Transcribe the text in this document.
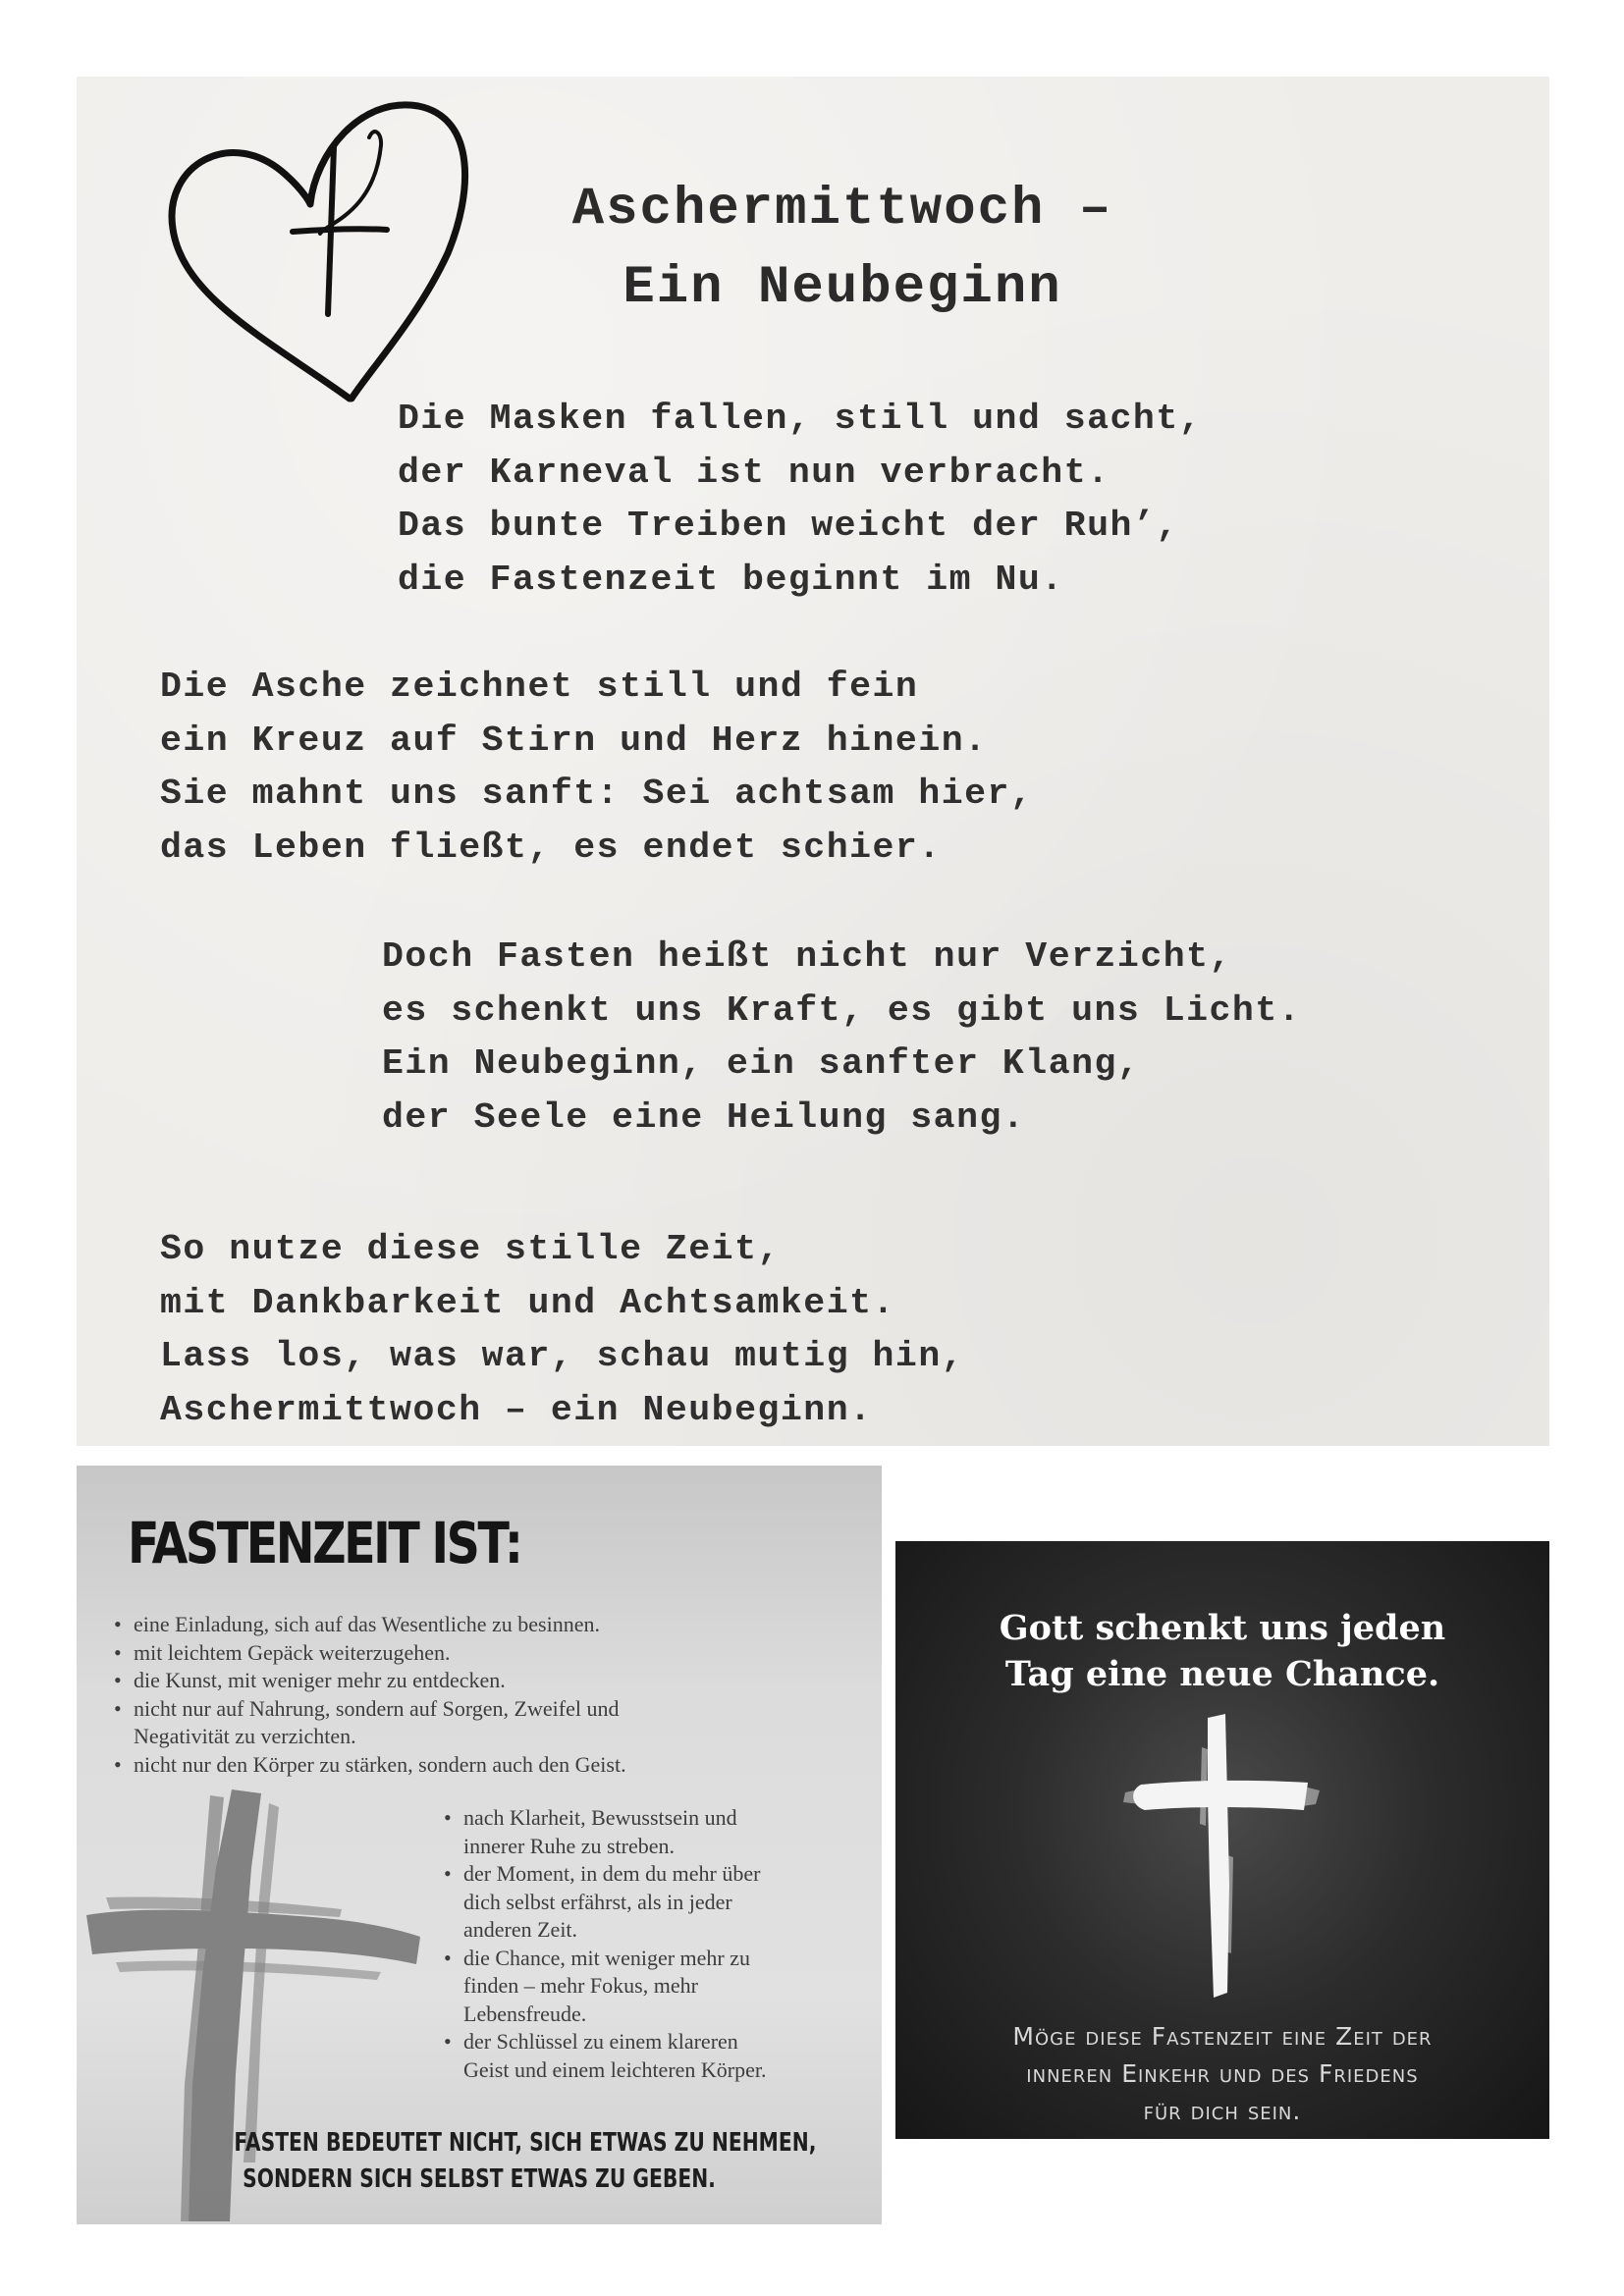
Aschermittwoch –
Ein Neubeginn
Die Masken fallen, still und sacht,
der Karneval ist nun verbracht.
Das bunte Treiben weicht der Ruh’,
die Fastenzeit beginnt im Nu.
Die Asche zeichnet still und fein
ein Kreuz auf Stirn und Herz hinein.
Sie mahnt uns sanft: Sei achtsam hier,
das Leben fließt, es endet schier.
Doch Fasten heißt nicht nur Verzicht,
es schenkt uns Kraft, es gibt uns Licht.
Ein Neubeginn, ein sanfter Klang,
der Seele eine Heilung sang.
So nutze diese stille Zeit,
mit Dankbarkeit und Achtsamkeit.
Lass los, was war, schau mutig hin,
Aschermittwoch – ein Neubeginn.
FASTENZEIT IST:
• eine Einladung, sich auf das Wesentliche zu besinnen.
• mit leichtem Gepäck weiterzugehen.
• die Kunst, mit weniger mehr zu entdecken.
• nicht nur auf Nahrung, sondern auf Sorgen, Zweifel und
Negativität zu verzichten.
• nicht nur den Körper zu stärken, sondern auch den Geist.
• nach Klarheit, Bewusstsein und
innerer Ruhe zu streben.
• der Moment, in dem du mehr über
dich selbst erfährst, als in jeder
anderen Zeit.
• die Chance, mit weniger mehr zu
finden – mehr Fokus, mehr
Lebensfreude.
• der Schlüssel zu einem klareren
Geist und einem leichteren Körper.
FASTEN BEDEUTET NICHT, SICH ETWAS ZU NEHMEN,
SONDERN SICH SELBST ETWAS ZU GEBEN.
Gott schenkt uns jeden
Tag eine neue Chance.
Möge diese Fastenzeit eine Zeit der
inneren Einkehr und des Friedens
für dich sein.
